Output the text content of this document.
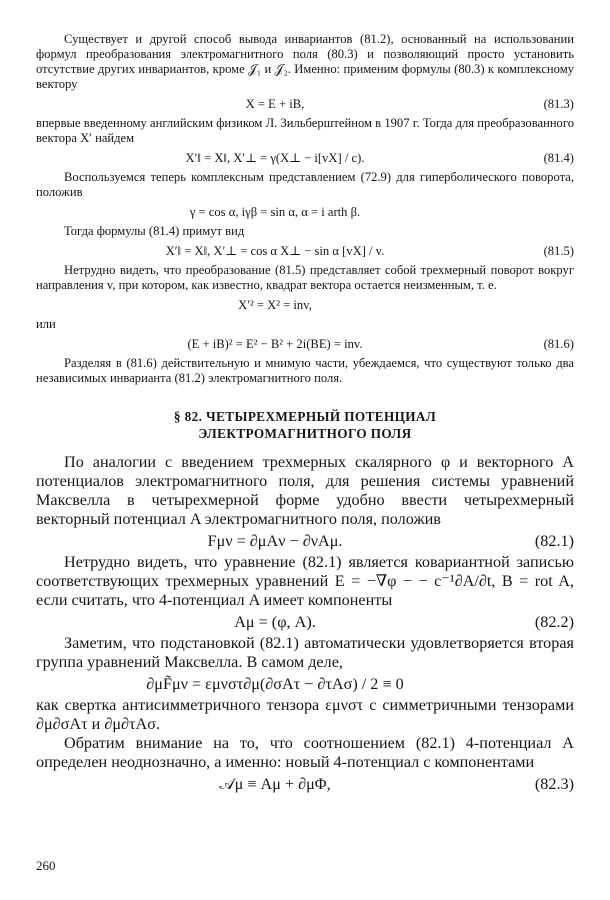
Существует и другой способ вывода инвариантов (81.2), основанный на использовании формул преобразования электромагнитного поля (80.3) и позволяющий просто установить отсутствие других инвариантов, кроме 𝒥₁ и 𝒥₂. Именно: применим формулы (80.3) к комплексному вектору

X = E + iB,	(81.3)

впервые введенному английским физиком Л. Зильберштейном в 1907 г. Тогда для преобразованного вектора X′ найдем

X′‖ = X‖, X′⊥ = γ(X⊥ − i[vX] / c).	(81.4)

Воспользуемся теперь комплексным представлением (72.9) для гиперболического поворота, положив

γ = cos α, iγβ = sin α, α = i arth β.

Тогда формулы (81.4) примут вид

X′‖ = X‖, X′⊥ = cos α X⊥ − sin α [vX] / v.	(81.5)

Нетрудно видеть, что преобразование (81.5) представляет собой трехмерный поворот вокруг направления v, при котором, как известно, квадрат вектора остается неизменным, т. е.

X′² = X² = inv,

или

(E + iB)² = E² − B² + 2i(BE) = inv.	(81.6)

Разделяя в (81.6) действительную и мнимую части, убеждаемся, что существуют только два независимых инварианта (81.2) электромагнитного поля.

§ 82. ЧЕТЫРЕХМЕРНЫЙ ПОТЕНЦИАЛ
ЭЛЕКТРОМАГНИТНОГО ПОЛЯ

По аналогии с введением трехмерных скалярного φ и векторного A потенциалов электромагнитного поля, для решения системы уравнений Максвелла в четырехмерной форме удобно ввести четырехмерный векторный потенциал A электромагнитного поля, положив

Fμν = ∂μAν − ∂νAμ.	(82.1)

Нетрудно видеть, что уравнение (82.1) является ковариантной записью соответствующих трехмерных уравнений E = −∇φ − − c⁻¹∂A/∂t, B = rot A, если считать, что 4-потенциал A имеет компоненты

Aμ = (φ, A).	(82.2)

Заметим, что подстановкой (82.1) автоматически удовлетворяется вторая группа уравнений Максвелла. В самом деле,

∂μF̃μν = εμνστ∂μ(∂σAτ − ∂τAσ) / 2 ≡ 0

как свертка антисимметричного тензора εμνστ с симметричными тензорами ∂μ∂σAτ и ∂μ∂τAσ.

Обратим внимание на то, что соотношением (82.1) 4-потенциал A определен неоднозначно, а именно: новый 4-потенциал с компонентами

𝒜μ ≡ Aμ + ∂μΦ,	(82.3)
260
